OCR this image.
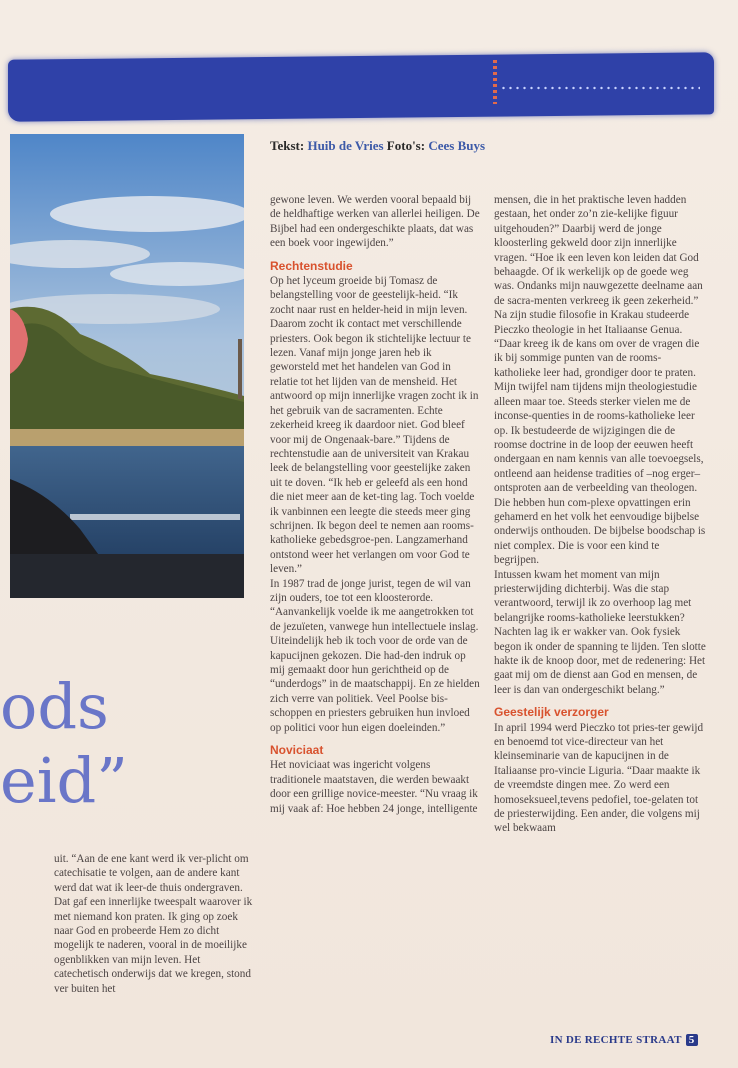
Tekst: Huib de Vries Foto's: Cees Buys
ods
eid”

uit. “Aan de ene kant werd ik ver-plicht om catechisatie te volgen, aan de andere kant werd dat wat ik leer-de thuis ondergraven. Dat gaf een innerlijke tweespalt waarover ik met niemand kon praten. Ik ging op zoek naar God en probeerde Hem zo dicht mogelijk te naderen, vooral in de moeilijke ogenblikken van mijn leven. Het catechetisch onderwijs dat we kregen, stond ver buiten het

gewone leven. We werden vooral bepaald bij de heldhaftige werken van allerlei heiligen. De Bijbel had een ondergeschikte plaats, dat was een boek voor ingewijden.”

Rechtenstudie

Op het lyceum groeide bij Tomasz de belangstelling voor de geestelijk-heid. “Ik zocht naar rust en helder-heid in mijn leven. Daarom zocht ik contact met verschillende priesters. Ook begon ik stichtelijke lectuur te lezen. Vanaf mijn jonge jaren heb ik geworsteld met het handelen van God in relatie tot het lijden van de mensheid. Het antwoord op mijn innerlijke vragen zocht ik in het gebruik van de sacramenten. Echte zekerheid kreeg ik daardoor niet. God bleef voor mij de Ongenaak-bare.” Tijdens de rechtenstudie aan de universiteit van Krakau leek de belangstelling voor geestelijke zaken uit te doven. “Ik heb er geleefd als een hond die niet meer aan de ket-ting lag. Toch voelde ik vanbinnen een leegte die steeds meer ging schrijnen. Ik begon deel te nemen aan rooms-katholieke gebedsgroe-pen. Langzamerhand ontstond weer het verlangen om voor God te leven.”

In 1987 trad de jonge jurist, tegen de wil van zijn ouders, toe tot een kloosterorde. “Aanvankelijk voelde ik me aangetrokken tot de jezuïeten, vanwege hun intellectuele inslag. Uiteindelijk heb ik toch voor de orde van de kapucijnen gekozen. Die had-den indruk op mij gemaakt door hun gerichtheid op de “underdogs” in de maatschappij. En ze hielden zich verre van politiek. Veel Poolse bis-schoppen en priesters gebruiken hun invloed op politici voor hun eigen doeleinden.”

Noviciaat

Het noviciaat was ingericht volgens traditionele maatstaven, die werden bewaakt door een grillige novice-meester. “Nu vraag ik mij vaak af: Hoe hebben 24 jonge, intelligente

mensen, die in het praktische leven hadden gestaan, het onder zo’n zie-kelijke figuur uitgehouden?” Daarbij werd de jonge kloosterling gekweld door zijn innerlijke vragen. “Hoe ik een leven kon leiden dat God behaagde. Of ik werkelijk op de goede weg was. Ondanks mijn nauwgezette deelname aan de sacra-menten verkreeg ik geen zekerheid.” Na zijn studie filosofie in Krakau studeerde Pieczko theologie in het Italiaanse Genua. “Daar kreeg ik de kans om over de vragen die ik bij sommige punten van de rooms-katholieke leer had, grondiger door te praten. Mijn twijfel nam tijdens mijn theologiestudie alleen maar toe. Steeds sterker vielen me de inconse-quenties in de rooms-katholieke leer op. Ik bestudeerde de wijzigingen die de roomse doctrine in de loop der eeuwen heeft ondergaan en nam kennis van alle toevoegsels, ontleend aan heidense tradities of –nog erger– ontsproten aan de verbeelding van theologen. Die hebben hun com-plexe opvattingen erin gehamerd en het volk het eenvoudige bijbelse onderwijs onthouden. De bijbelse boodschap is niet complex. Die is voor een kind te begrijpen.

Intussen kwam het moment van mijn priesterwijding dichterbij. Was die stap verantwoord, terwijl ik zo overhoop lag met belangrijke rooms-katholieke leerstukken? Nachten lag ik er wakker van. Ook fysiek begon ik onder de spanning te lijden. Ten slotte hakte ik de knoop door, met de redenering: Het gaat mij om de dienst aan God en mensen, de leer is dan van ondergeschikt belang.”

Geestelijk verzorger

In april 1994 werd Pieczko tot pries-ter gewijd en benoemd tot vice-directeur van het kleinseminarie van de kapucijnen in de Italiaanse pro-vincie Liguria. “Daar maakte ik de vreemdste dingen mee. Zo werd een homoseksueel,tevens pedofiel, toe-gelaten tot de priesterwijding. Een ander, die volgens mij wel bekwaam

IN DE RECHTE STRAAT 5
